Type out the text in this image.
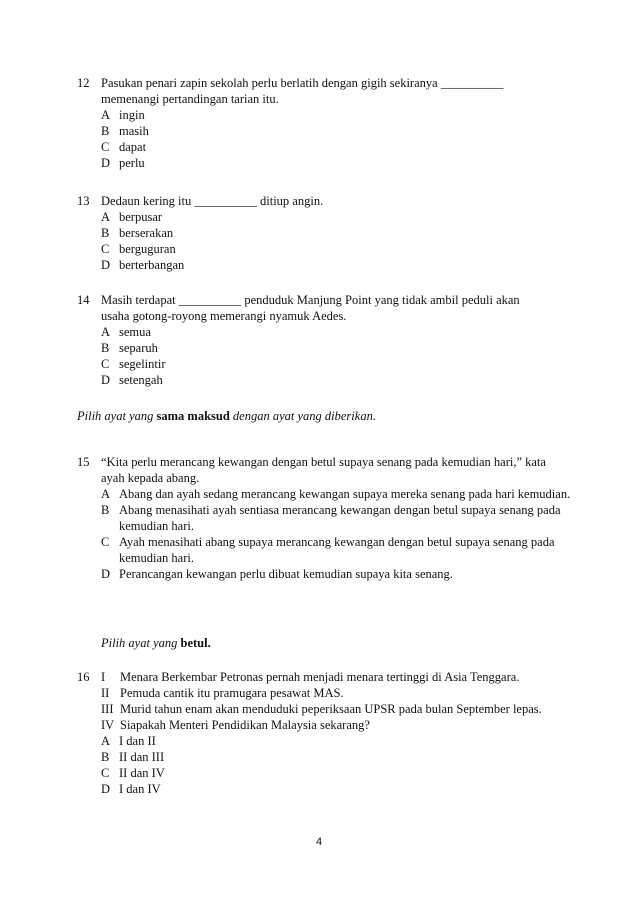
12 Pasukan penari zapin sekolah perlu berlatih dengan gigih sekiranya __________
memenangi pertandingan tarian itu.
A ingin
B masih
C dapat
D perlu
13 Dedaun kering itu __________ ditiup angin.
A berpusar
B berserakan
C berguguran
D berterbangan
14 Masih terdapat __________ penduduk Manjung Point yang tidak ambil peduli akan
usaha gotong-royong memerangi nyamuk Aedes.
A semua
B separuh
C segelintir
D setengah
Pilih ayat yang sama maksud dengan ayat yang diberikan.
15 “Kita perlu merancang kewangan dengan betul supaya senang pada kemudian hari,” kata
ayah kepada abang.
A Abang dan ayah sedang merancang kewangan supaya mereka senang pada hari kemudian.
B Abang menasihati ayah sentiasa merancang kewangan dengan betul supaya senang pada kemudian hari.
C Ayah menasihati abang supaya merancang kewangan dengan betul supaya senang pada kemudian hari.
D Perancangan kewangan perlu dibuat kemudian supaya kita senang.
Pilih ayat yang betul.
16 I	Menara Berkembar Petronas pernah menjadi menara tertinggi di Asia Tenggara.
II Pemuda cantik itu pramugara pesawat MAS.
III Murid tahun enam akan menduduki peperiksaan UPSR pada bulan September lepas.
IV Siapakah Menteri Pendidikan Malaysia sekarang?
A I dan II
B II dan III
C II dan IV
D I dan IV
4
